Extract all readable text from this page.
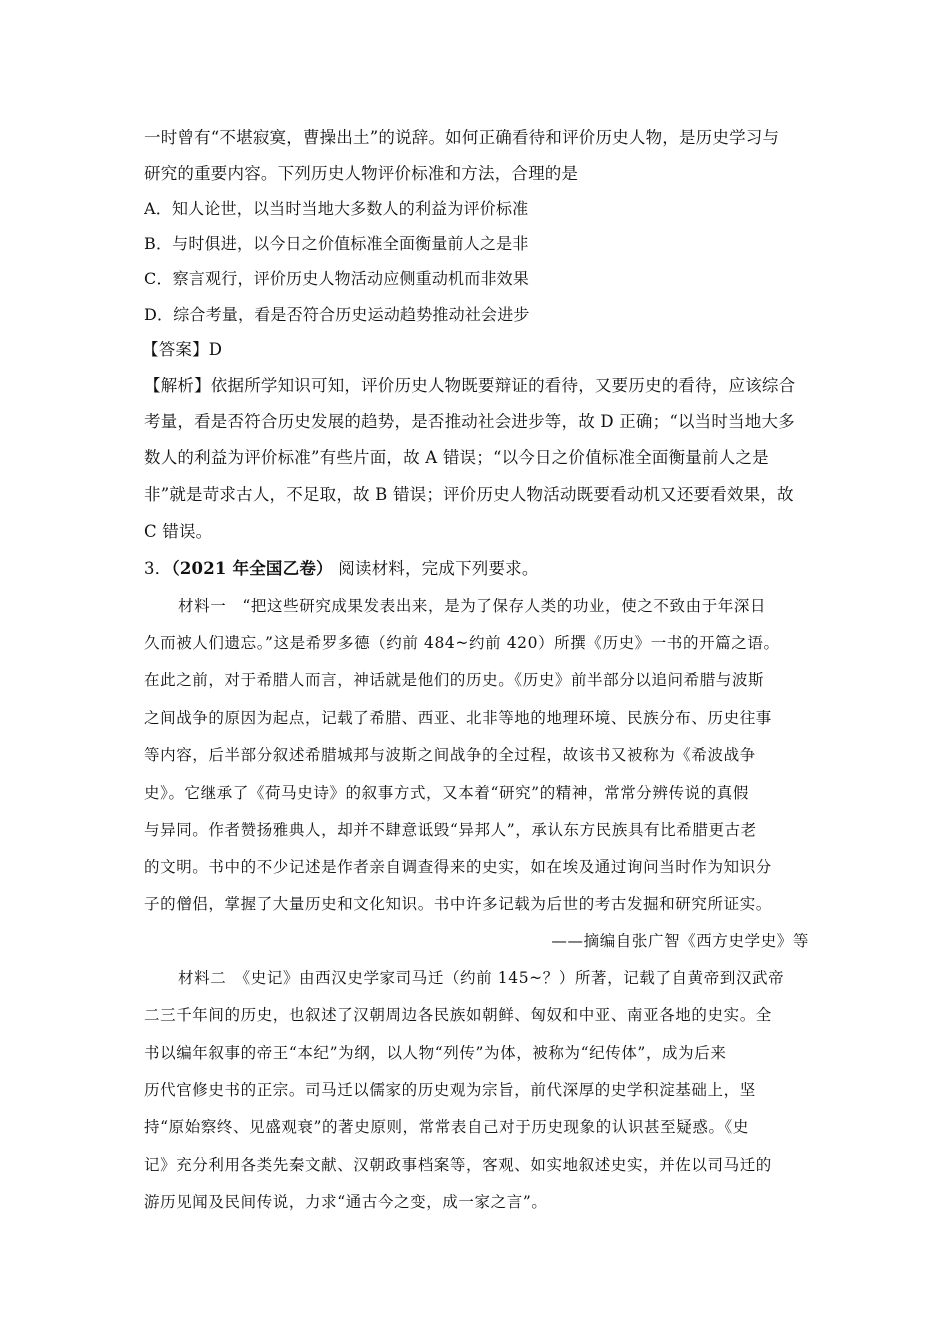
一时曾有“不堪寂寞，曹操出土”的说辞。如何正确看待和评价历史人物，是历史学习与
研究的重要内容。下列历史人物评价标准和方法，合理的是
A．知人论世，以当时当地大多数人的利益为评价标准
B．与时俱进，以今日之价值标准全面衡量前人之是非
C．察言观行，评价历史人物活动应侧重动机而非效果
D．综合考量，看是否符合历史运动趋势推动社会进步
【答案】D
【解析】依据所学知识可知，评价历史人物既要辩证的看待，又要历史的看待，应该综合
考量，看是否符合历史发展的趋势，是否推动社会进步等，故 D 正确；“以当时当地大多
数人的利益为评价标准”有些片面，故 A 错误；“以今日之价值标准全面衡量前人之是
非”就是苛求古人，不足取，故 B 错误；评价历史人物活动既要看动机又还要看效果，故
C 错误。
3．（2021 年全国乙卷） 阅读材料，完成下列要求。
材料一　“把这些研究成果发表出来，是为了保存人类的功业，使之不致由于年深日
久而被人们遗忘。”这是希罗多德（约前 484~约前 420）所撰《历史》一书的开篇之语。
在此之前，对于希腊人而言，神话就是他们的历史。《历史》前半部分以追问希腊与波斯
之间战争的原因为起点，记载了希腊、西亚、北非等地的地理环境、民族分布、历史往事
等内容，后半部分叙述希腊城邦与波斯之间战争的全过程，故该书又被称为《希波战争
史》。它继承了《荷马史诗》的叙事方式，又本着“研究”的精神，常常分辨传说的真假
与异同。作者赞扬雅典人，却并不肆意诋毁“异邦人”，承认东方民族具有比希腊更古老
的文明。书中的不少记述是作者亲自调查得来的史实，如在埃及通过询问当时作为知识分
子的僧侣，掌握了大量历史和文化知识。书中许多记载为后世的考古发掘和研究所证实。
——摘编自张广智《西方史学史》等
材料二　《史记》由西汉史学家司马迁（约前 145~？）所著，记载了自黄帝到汉武帝
二三千年间的历史，也叙述了汉朝周边各民族如朝鲜、匈奴和中亚、南亚各地的史实。全
书以编年叙事的帝王“本纪”为纲，以人物“列传”为体，被称为“纪传体”，成为后来
历代官修史书的正宗。司马迁以儒家的历史观为宗旨，前代深厚的史学积淀基础上，坚
持“原始察终、见盛观衰”的著史原则，常常表自己对于历史现象的认识甚至疑惑。《史
记》充分利用各类先秦文献、汉朝政事档案等，客观、如实地叙述史实，并佐以司马迁的
游历见闻及民间传说，力求“通古今之变，成一家之言”。
